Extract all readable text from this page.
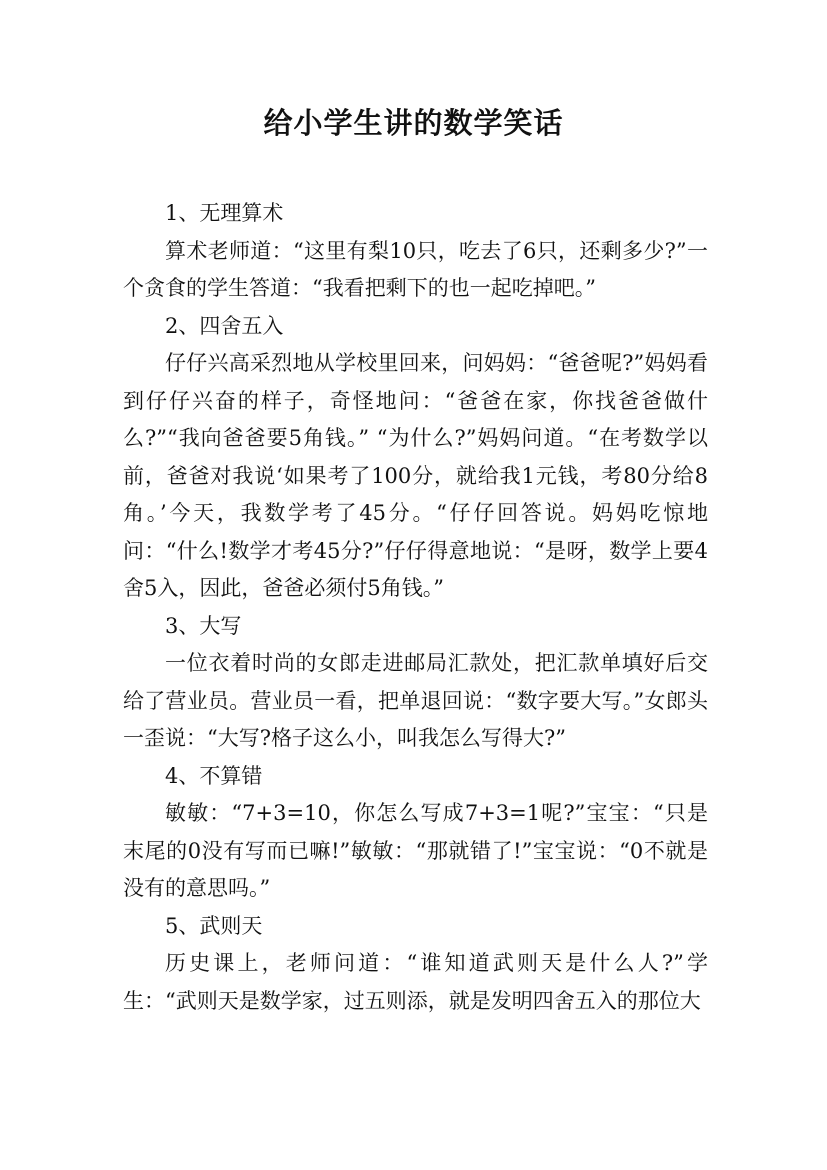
给小学生讲的数学笑话

1、无理算术

算术老师道：“这里有梨10只，吃去了6只，还剩多少?”一个贪食的学生答道：“我看把剩下的也一起吃掉吧。”

2、四舍五入

仔仔兴高采烈地从学校里回来，问妈妈：“爸爸呢?”妈妈看到仔仔兴奋的样子，奇怪地问：“爸爸在家，你找爸爸做什么?”“我向爸爸要5角钱。” “为什么?”妈妈问道。“在考数学以前，爸爸对我说‘如果考了100分，就给我1元钱，考80分给8角。’今天，我数学考了45分。“仔仔回答说。妈妈吃惊地问：“什么!数学才考45分?”仔仔得意地说：“是呀，数学上要4舍5入，因此，爸爸必须付5角钱。”

3、大写

一位衣着时尚的女郎走进邮局汇款处，把汇款单填好后交给了营业员。营业员一看，把单退回说：“数字要大写。”女郎头一歪说：“大写?格子这么小，叫我怎么写得大?”

4、不算错

敏敏：“7+3=10，你怎么写成7+3=1呢?”宝宝：“只是末尾的0没有写而已嘛!”敏敏：“那就错了!”宝宝说：“0不就是没有的意思吗。”

5、武则天

历史课上，老师问道：“谁知道武则天是什么人?”学生：“武则天是数学家，过五则添，就是发明四舍五入的那位大
